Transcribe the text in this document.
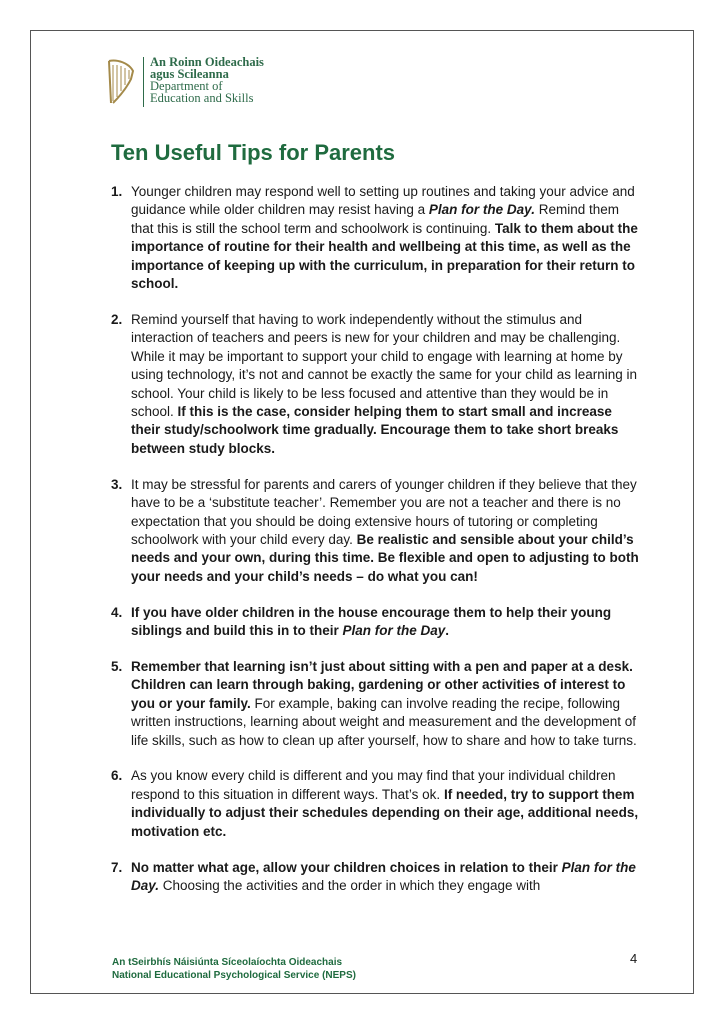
An Roinn Oideachais
agus Scileanna
Department of
Education and Skills
Ten Useful Tips for Parents
1. Younger children may respond well to setting up routines and taking your advice and guidance while older children may resist having a Plan for the Day. Remind them that this is still the school term and schoolwork is continuing. Talk to them about the importance of routine for their health and wellbeing at this time, as well as the importance of keeping up with the curriculum, in preparation for their return to school.
2. Remind yourself that having to work independently without the stimulus and interaction of teachers and peers is new for your children and may be challenging. While it may be important to support your child to engage with learning at home by using technology, it’s not and cannot be exactly the same for your child as learning in school. Your child is likely to be less focused and attentive than they would be in school. If this is the case, consider helping them to start small and increase their study/schoolwork time gradually. Encourage them to take short breaks between study blocks.
3. It may be stressful for parents and carers of younger children if they believe that they have to be a ‘substitute teacher’. Remember you are not a teacher and there is no expectation that you should be doing extensive hours of tutoring or completing schoolwork with your child every day. Be realistic and sensible about your child’s needs and your own, during this time. Be flexible and open to adjusting to both your needs and your child’s needs – do what you can!
4. If you have older children in the house encourage them to help their young siblings and build this in to their Plan for the Day.
5. Remember that learning isn’t just about sitting with a pen and paper at a desk. Children can learn through baking, gardening or other activities of interest to you or your family. For example, baking can involve reading the recipe, following written instructions, learning about weight and measurement and the development of life skills, such as how to clean up after yourself, how to share and how to take turns.
6. As you know every child is different and you may find that your individual children respond to this situation in different ways. That’s ok. If needed, try to support them individually to adjust their schedules depending on their age, additional needs, motivation etc.
7. No matter what age, allow your children choices in relation to their Plan for the Day. Choosing the activities and the order in which they engage with
An tSeirbhís Náisiúnta Síceolaíochta Oideachais
National Educational Psychological Service (NEPS)
4
